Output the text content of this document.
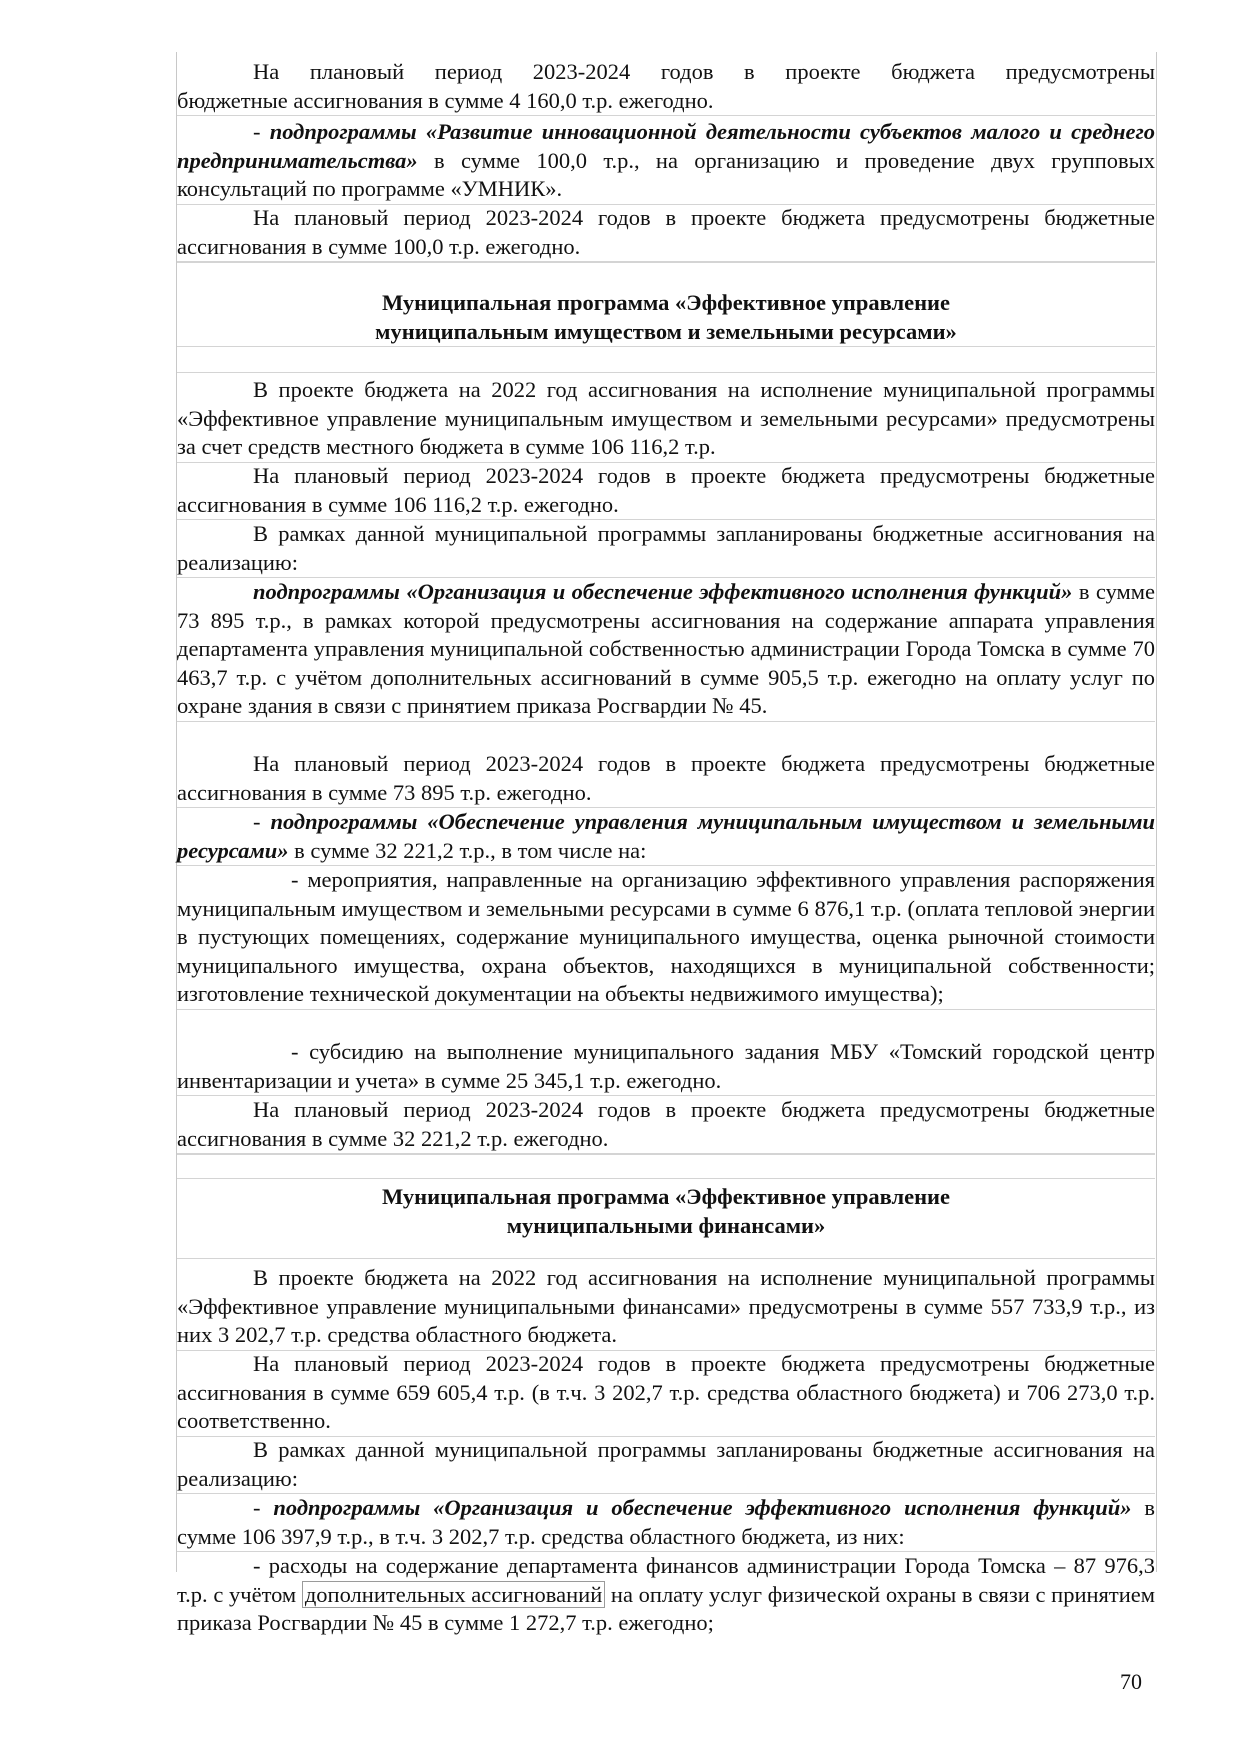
На плановый период 2023-2024 годов в проекте бюджета предусмотрены

бюджетные ассигнования в сумме 4 160,0 т.р. ежегодно.

- подпрограммы «Развитие инновационной деятельности субъектов малого и среднего предпринимательства» в сумме 100,0 т.р., на организацию и проведение двух групповых консультаций по программе «УМНИК».

На плановый период 2023-2024 годов в проекте бюджета предусмотрены бюджетные ассигнования в сумме 100,0 т.р. ежегодно.

Муниципальная программа «Эффективное управление муниципальным имуществом и земельными ресурсами»

В проекте бюджета на 2022 год ассигнования на исполнение муниципальной программы «Эффективное управление муниципальным имуществом и земельными ресурсами» предусмотрены за счет средств местного бюджета в сумме 106 116,2 т.р.

На плановый период 2023-2024 годов в проекте бюджета предусмотрены бюджетные ассигнования в сумме 106 116,2 т.р. ежегодно.

В рамках данной муниципальной программы запланированы бюджетные ассигнования на реализацию:

подпрограммы «Организация и обеспечение эффективного исполнения функций» в сумме 73 895 т.р., в рамках которой предусмотрены ассигнования на содержание аппарата управления департамента управления муниципальной собственностью администрации Города Томска в сумме 70 463,7 т.р. с учётом дополнительных ассигнований в сумме 905,5 т.р. ежегодно на оплату услуг по охране здания в связи с принятием приказа Росгвардии № 45.

На плановый период 2023-2024 годов в проекте бюджета предусмотрены бюджетные ассигнования в сумме 73 895 т.р. ежегодно.

- подпрограммы «Обеспечение управления муниципальным имуществом и земельными ресурсами» в сумме 32 221,2 т.р., в том числе на:

- мероприятия, направленные на организацию эффективного управления распоряжения муниципальным имуществом и земельными ресурсами в сумме 6 876,1 т.р. (оплата тепловой энергии в пустующих помещениях, содержание муниципального имущества, оценка рыночной стоимости муниципального имущества, охрана объектов, находящихся в муниципальной собственности; изготовление технической документации на объекты недвижимого имущества);

- субсидию на выполнение муниципального задания МБУ «Томский городской центр инвентаризации и учета» в сумме 25 345,1 т.р. ежегодно.

На плановый период 2023-2024 годов в проекте бюджета предусмотрены бюджетные ассигнования в сумме 32 221,2 т.р. ежегодно.

Муниципальная программа «Эффективное управление муниципальными финансами»

В проекте бюджета на 2022 год ассигнования на исполнение муниципальной программы «Эффективное управление муниципальными финансами» предусмотрены в сумме 557 733,9 т.р., из них 3 202,7 т.р. средства областного бюджета.

На плановый период 2023-2024 годов в проекте бюджета предусмотрены бюджетные ассигнования в сумме 659 605,4 т.р. (в т.ч. 3 202,7 т.р. средства областного бюджета) и 706 273,0 т.р. соответственно.

В рамках данной муниципальной программы запланированы бюджетные ассигнования на реализацию:

- подпрограммы «Организация и обеспечение эффективного исполнения функций» в сумме 106 397,9 т.р., в т.ч. 3 202,7 т.р. средства областного бюджета, из них:

- расходы на содержание департамента финансов администрации Города Томска – 87 976,3 т.р. с учётом дополнительных ассигнований на оплату услуг физической охраны в связи с принятием приказа Росгвардии № 45 в сумме 1 272,7 т.р. ежегодно;

70
